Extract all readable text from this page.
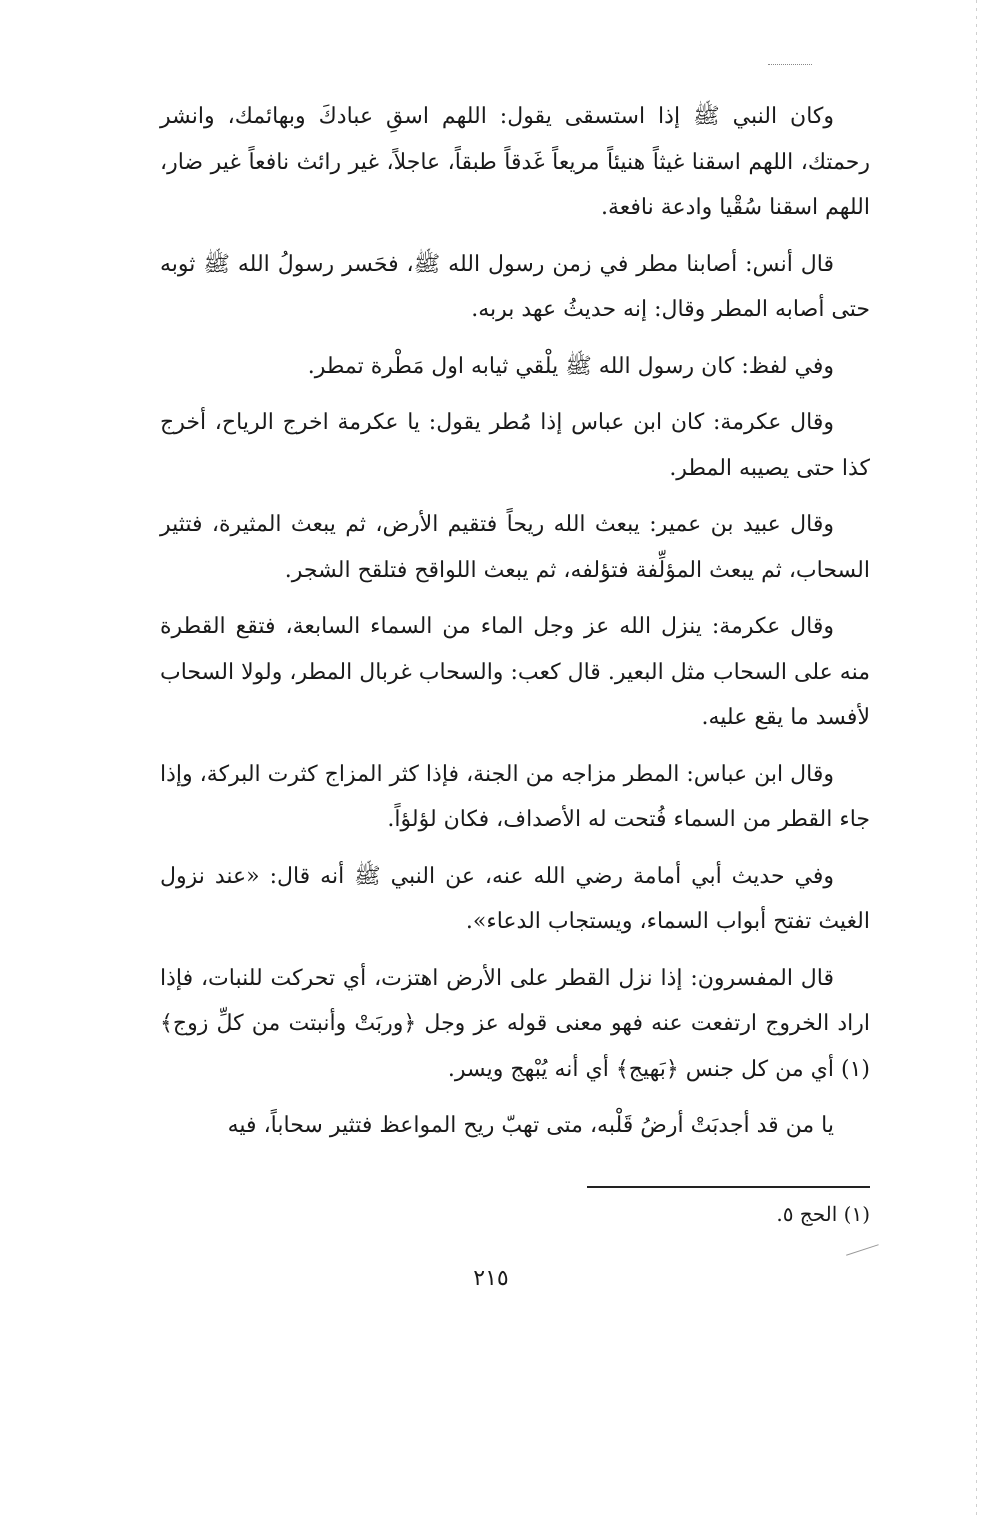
وكان النبي ﷺ إذا استسقى يقول: اللهم اسقِ عبادكَ وبهائمك، وانشر رحمتك، اللهم اسقنا غيثاً هنيئاً مريعاً غَدقاً طبقاً، عاجلاً، غير رائث نافعاً غير ضار، اللهم اسقنا سُقْيا وادعة نافعة.

قال أنس: أصابنا مطر في زمن رسول الله ﷺ، فحَسر رسولُ الله ﷺ ثوبه حتى أصابه المطر وقال: إنه حديثُ عهد بربه.

وفي لفظ: كان رسول الله ﷺ يلْقي ثيابه اول مَطْرة تمطر.

وقال عكرمة: كان ابن عباس إذا مُطر يقول: يا عكرمة اخرج الرياح، أخرج كذا حتى يصيبه المطر.

وقال عبيد بن عمير: يبعث الله ريحاً فتقيم الأرض، ثم يبعث المثيرة، فتثير السحاب، ثم يبعث المؤلِّفة فتؤلفه، ثم يبعث اللواقح فتلقح الشجر.

وقال عكرمة: ينزل الله عز وجل الماء من السماء السابعة، فتقع القطرة منه على السحاب مثل البعير. قال كعب: والسحاب غربال المطر، ولولا السحاب لأفسد ما يقع عليه.

وقال ابن عباس: المطر مزاجه من الجنة، فإذا كثر المزاج كثرت البركة، وإذا جاء القطر من السماء فُتحت له الأصداف، فكان لؤلؤاً.

وفي حديث أبي أمامة رضي الله عنه، عن النبي ﷺ أنه قال: «عند نزول الغيث تفتح أبواب السماء، ويستجاب الدعاء».

قال المفسرون: إذا نزل القطر على الأرض اهتزت، أي تحركت للنبات، فإذا اراد الخروج ارتفعت عنه فهو معنى قوله عز وجل ﴿وربَتْ وأنبتت من كلِّ زوج﴾ (١) أي من كل جنس ﴿بَهيج﴾ أي أنه يُبْهج ويسر.

يا من قد أجدبَتْ أرضُ قَلْبه، متى تهبّ ريح المواعظ فتثير سحاباً، فيه

(١) الحج ٥.
٢١٥
